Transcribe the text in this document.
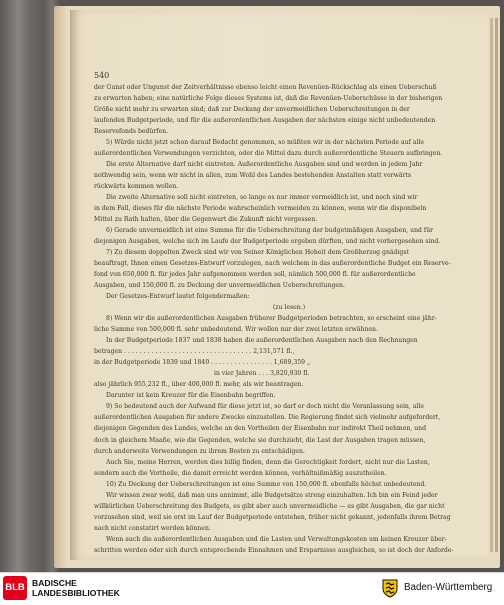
540
der Gunst oder Ungunst der Zeitverhältnisse ebenso leicht einen Revenüen-Rückschlag als einen Ueberschuß
zu erwarten haben; eine natürliche Folge dieses Systems ist, daß die Revenüen-Ueberschüsse in der bisherigen
Größe nicht mehr zu erwarten sind; daß zur Deckung der unvermeidlichen Ueberschreitungen in der
laufenden Budgetperiode, und für die außerordentlichen Ausgaben der nächsten einige nicht unbedeutenden
Reservefonds bedürfen.
5) Würde nicht jetzt schon darauf Bedacht genommen, so müßten wir in der nächsten Periode auf alle
außerordentlichen Verwendungen verzichten, oder die Mittel dazu durch außerordentliche Steuern aufbringen.
Die erste Alternative darf nicht eintreten. Außerordentliche Ausgaben sind und werden in jedem Jahr
nothwendig sein, wenn wir nicht in allen, zum Wohl des Landes bestehenden Anstalten statt vorwärts
rückwärts kommen wollen.
Die zweite Alternative soll nicht eintreten, so lange es nur immer vermeidlich ist, und noch sind wir
in dem Fall, dieses für die nächste Periode wahrscheinlich vermeiden zu können, wenn wir die disponibeln
Mittel zu Rath halten, über die Gegenwart die Zukunft nicht vergessen.
6) Gerade unvermeidlich ist eine Summe für die Ueberschreitung der budgetmäßigen Ausgaben, und für
diejenigen Ausgaben, welche sich im Laufe der Budgetperiode ergeben dürften, und nicht vorhergesehen sind.
7) Zu diesem doppelten Zweck sind wir von Seiner Königlichen Hoheit dem Großherzog gnädigst
beauftragt, Ihnen einen Gesetzes-Entwurf vorzulegen, nach welchem in das außerordentliche Budget ein Reserve-
fond von 650,000 fl. für jedes Jahr aufgenommen werden soll, nämlich 500,000 fl. für außerordentliche
Ausgaben, und 150,000 fl. zu Deckung der unvermeidlichen Ueberschreitungen.
Der Gesetzes-Entwurf lautet folgendermaßen:
(zu lesen.)
8) Wenn wir die außerordentlichen Ausgaben früherer Budgetperioden betrachten, so erscheint eine jähr-
liche Summe von 500,000 fl. sehr unbedeutend. Wir wollen nur der zwei letzten erwähnen.
In der Budgetperiode 1837 und 1838 haben die außerordentlichen Ausgaben nach den Rechnungen
betragen . . . . . . . . . . . . . . . . . . . . . . . . . . . . . . . . . 2,131,571 fl.,
in der Budgetperiode 1839 und 1840 . . . . . . . . . . . . . . . . 1,689,359 „
in vier Jahren . . . 3,820,930 fl.
also jährlich 955,232 fl., über 400,000 fl. mehr, als wir beantragen.
Darunter ist kein Kreuzer für die Eisenbahn begriffen.
9) So bedeutend auch der Aufwand für diese jetzt ist, so darf er doch nicht die Veranlassung sein, alle
außerordentlichen Ausgaben für andere Zwecke einzustellen. Die Regierung findet sich vielmehr aufgefordert,
diejenigen Gegenden des Landes, welche an den Vortheilen der Eisenbahn nur indirekt Theil nehmen, und
doch in gleichem Maaße, wie die Gegenden, welche sie durchzieht, die Last der Ausgaben tragen müssen,
durch anderweite Verwendungen zu ihrem Besten zu entschädigen.
Auch Sie, meine Herren, werden dies billig finden, denn die Gerechtigkeit fordert, nicht nur die Lasten,
sondern auch die Vortheile, die damit erreicht werden können, verhältnißmäßig auszutheilen.
10) Zu Deckung der Ueberschreitungen ist eine Summe von 150,000 fl. ebenfalls höchst unbedeutend.
Wir wissen zwar wohl, daß man uns annimmt, alle Budgetsätze streng einzuhalten. Ich bin ein Feind jeder
willkürlichen Ueberschreitung des Budgets, es gibt aber auch unvermeidliche — es gibt Ausgaben, die gar nicht
vorzusehen sind, weil sie erst im Lauf der Budgetperiode entstehen, früher nicht gekannt, jedenfalls ihrem Betrag
nach nicht constatirt werden können.
Wenn auch die außerordentlichen Ausgaben und die Lasten und Verwaltungskosten um keinen Kreuzer über-
schritten werden oder sich durch entsprechende Einnahmen und Ersparnisse ausgleichen, so ist doch der Anforde-
BLB BADISCHE
LANDESBIBLIOTHEK	Baden-Württemberg
